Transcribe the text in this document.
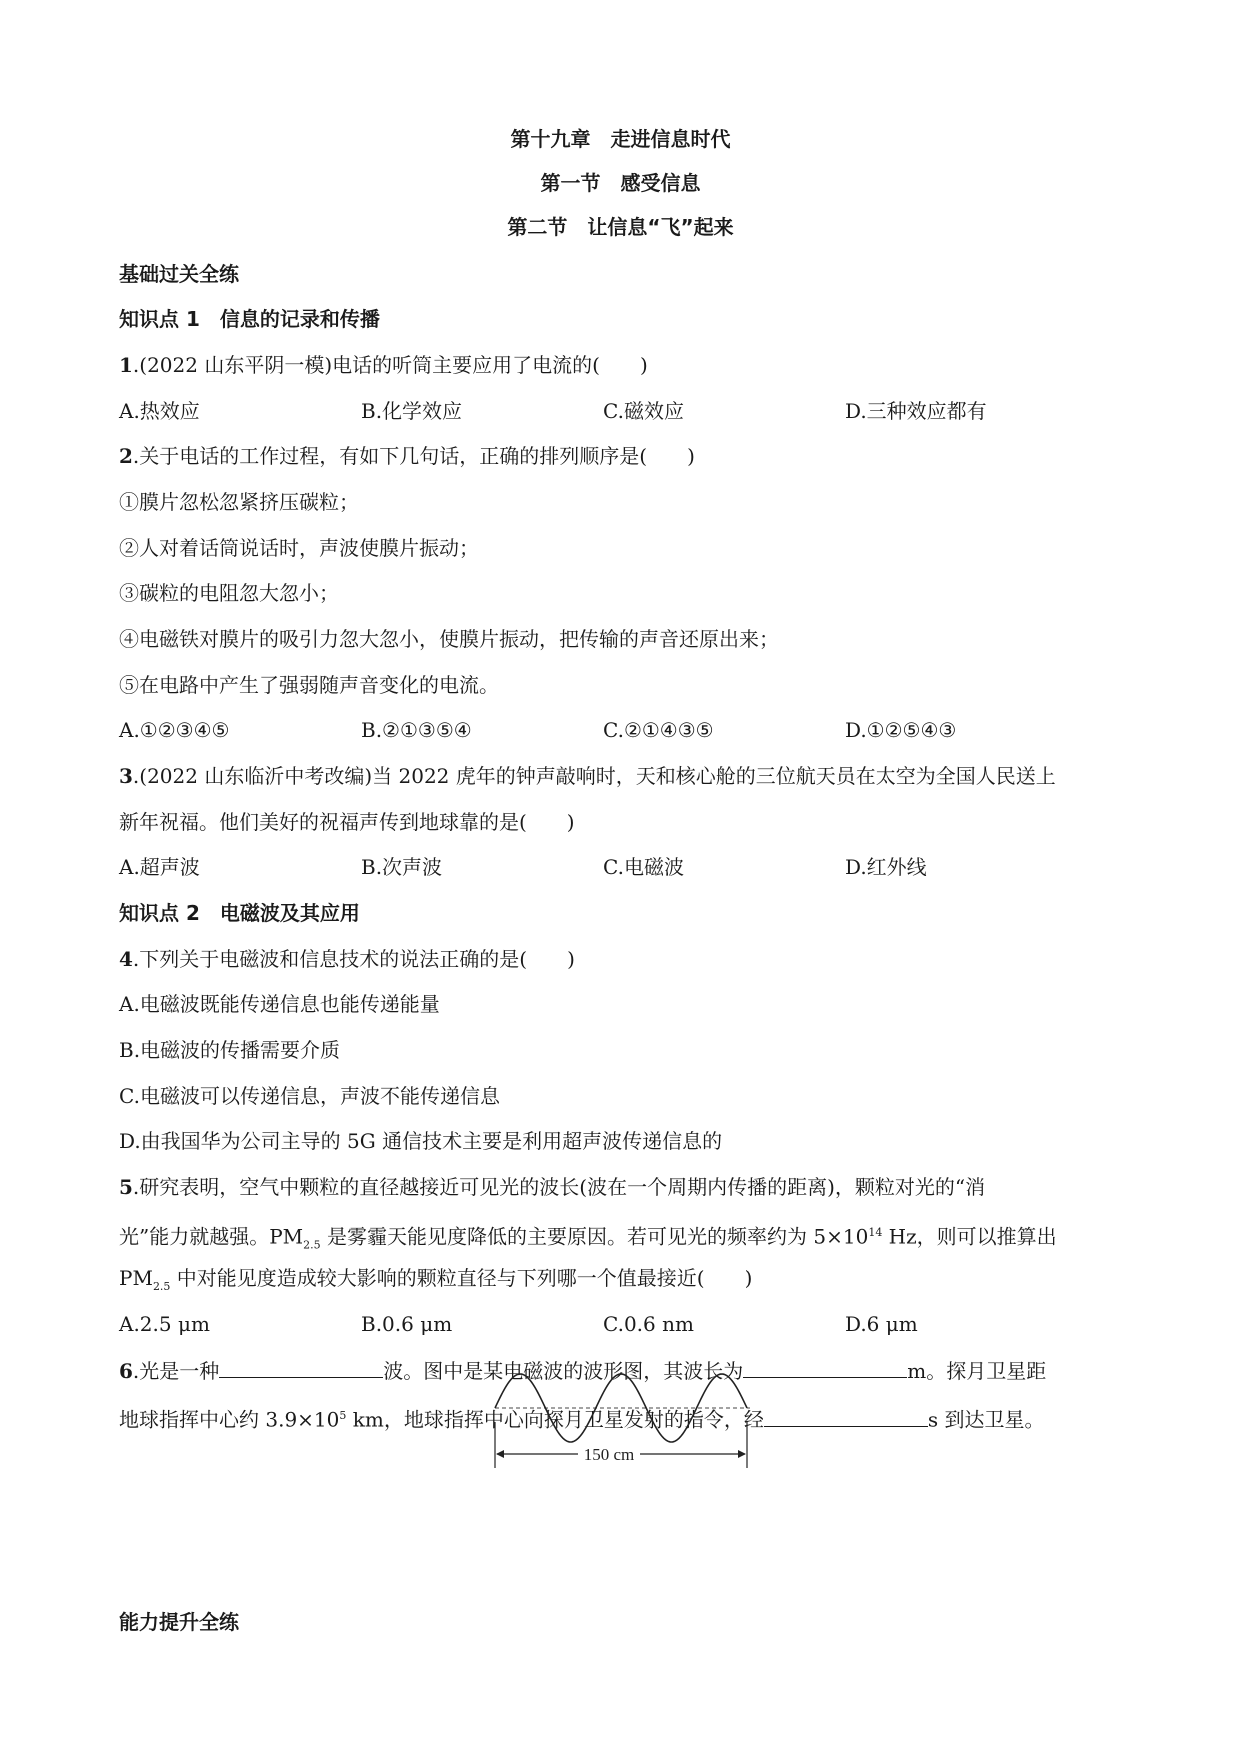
第十九章　走进信息时代
第一节　感受信息
第二节　让信息“飞”起来
基础过关全练
知识点 1　信息的记录和传播
1.(2022 山东平阴一模)电话的听筒主要应用了电流的(　　)
A.热效应	B.化学效应	C.磁效应	D.三种效应都有
2.关于电话的工作过程，有如下几句话，正确的排列顺序是(　　)
①膜片忽松忽紧挤压碳粒；
②人对着话筒说话时，声波使膜片振动；
③碳粒的电阻忽大忽小；
④电磁铁对膜片的吸引力忽大忽小，使膜片振动，把传输的声音还原出来；
⑤在电路中产生了强弱随声音变化的电流。
A.①②③④⑤	B.②①③⑤④	C.②①④③⑤	D.①②⑤④③
3.(2022 山东临沂中考改编)当 2022 虎年的钟声敲响时，天和核心舱的三位航天员在太空为全国人民送上
新年祝福。他们美好的祝福声传到地球靠的是(　　)
A.超声波	B.次声波	C.电磁波	D.红外线
知识点 2　电磁波及其应用
4.下列关于电磁波和信息技术的说法正确的是(　　)
A.电磁波既能传递信息也能传递能量
B.电磁波的传播需要介质
C.电磁波可以传递信息，声波不能传递信息
D.由我国华为公司主导的 5G 通信技术主要是利用超声波传递信息的
5.研究表明，空气中颗粒的直径越接近可见光的波长(波在一个周期内传播的距离)，颗粒对光的“消
光”能力就越强。$PM_{2.5}$ 是雾霾天能见度降低的主要原因。若可见光的频率约为 $5\times 10^{14}$ Hz，则可以推算出
$PM_{2.5}$ 中对能见度造成较大影响的颗粒直径与下列哪一个值最接近(　　)
A.2.5 μm	B.0.6 μm	C.0.6 nm	D.6 μm
6.光是一种	波。图中是某电磁波的波形图，其波长为	m。探月卫星距
地球指挥中心约 $3.9\times 10^5$ km，地球指挥中心向探月卫星发射的指令，经	s 到达卫星。
150 cm
能力提升全练
